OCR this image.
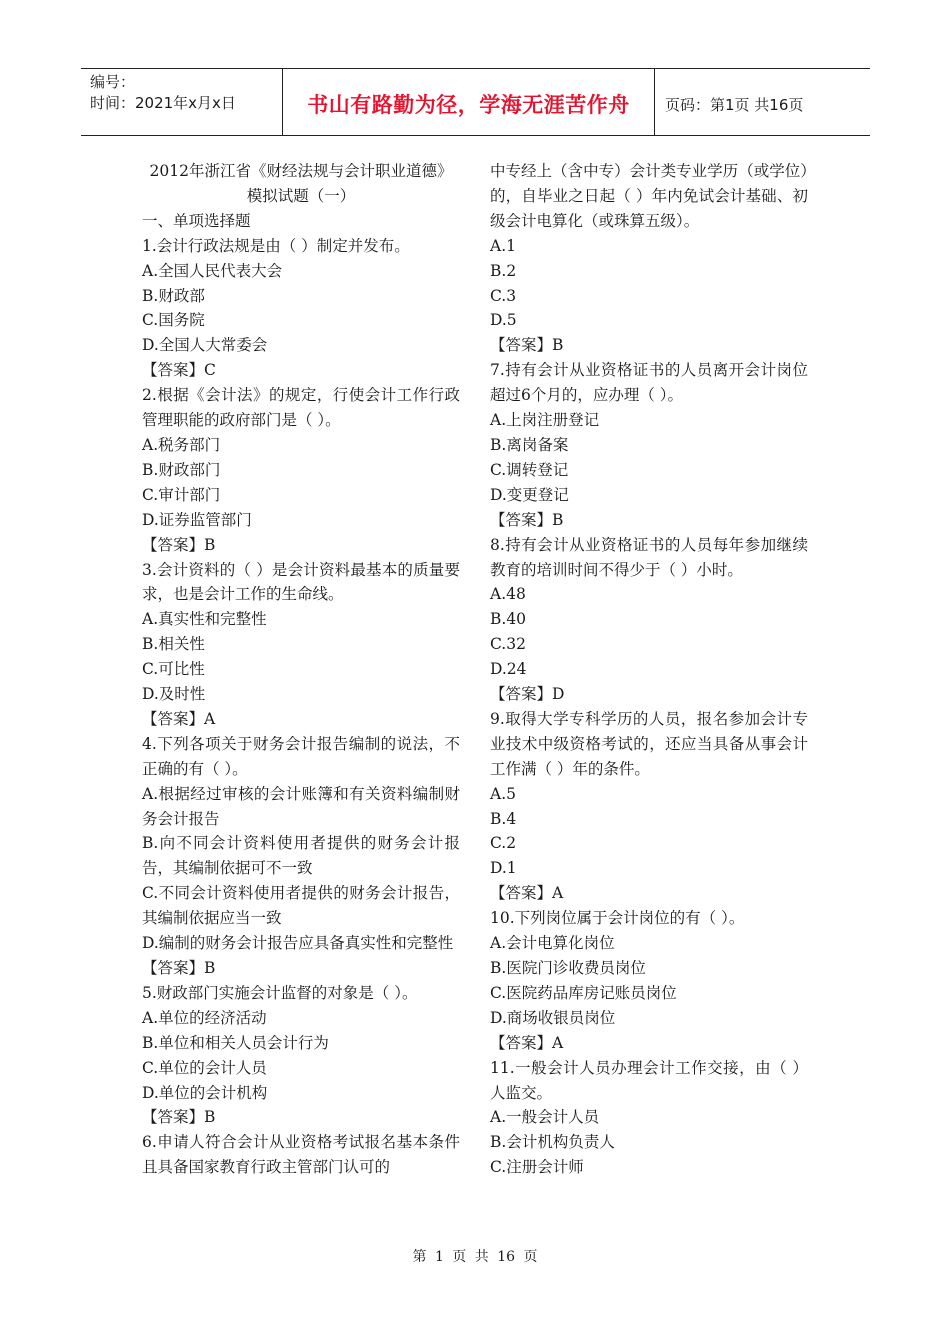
编号：
时间：2021年x月x日	书山有路勤为径，学海无涯苦作舟 页码：第1页 共16页

2012年浙江省《财经法规与会计职业道德》模拟试题（一）

一、单项选择题

1.会计行政法规是由（ ）制定并发布。

A.全国人民代表大会

B.财政部

C.国务院

D.全国人大常委会

【答案】C

2.根据《会计法》的规定，行使会计工作行政管理职能的政府部门是（ ）。

A.税务部门

B.财政部门

C.审计部门

D.证券监管部门

【答案】B

3.会计资料的（ ）是会计资料最基本的质量要求，也是会计工作的生命线。

A.真实性和完整性

B.相关性

C.可比性

D.及时性

【答案】A

4.下列各项关于财务会计报告编制的说法，不正确的有（ ）。

A.根据经过审核的会计账簿和有关资料编制财务会计报告

B.向不同会计资料使用者提供的财务会计报告，其编制依据可不一致

C.不同会计资料使用者提供的财务会计报告，其编制依据应当一致

D.编制的财务会计报告应具备真实性和完整性

【答案】B

5.财政部门实施会计监督的对象是（ ）。

A.单位的经济活动

B.单位和相关人员会计行为

C.单位的会计人员

D.单位的会计机构

【答案】B

6.申请人符合会计从业资格考试报名基本条件且具备国家教育行政主管部门认可的

中专经上（含中专）会计类专业学历（或学位）的，自毕业之日起（ ）年内免试会计基础、初级会计电算化（或珠算五级）。

A.1

B.2

C.3

D.5

【答案】B

7.持有会计从业资格证书的人员离开会计岗位超过6个月的，应办理（ ）。

A.上岗注册登记

B.离岗备案

C.调转登记

D.变更登记

【答案】B

8.持有会计从业资格证书的人员每年参加继续教育的培训时间不得少于（ ）小时。

A.48

B.40

C.32

D.24

【答案】D

9.取得大学专科学历的人员，报名参加会计专业技术中级资格考试的，还应当具备从事会计工作满（ ）年的条件。

A.5

B.4

C.2

D.1

【答案】A

10.下列岗位属于会计岗位的有（ ）。

A.会计电算化岗位

B.医院门诊收费员岗位

C.医院药品库房记账员岗位

D.商场收银员岗位

【答案】A

11.一般会计人员办理会计工作交接，由（ ）人监交。

A.一般会计人员

B.会计机构负责人

C.注册会计师

第 1 页 共 16 页
